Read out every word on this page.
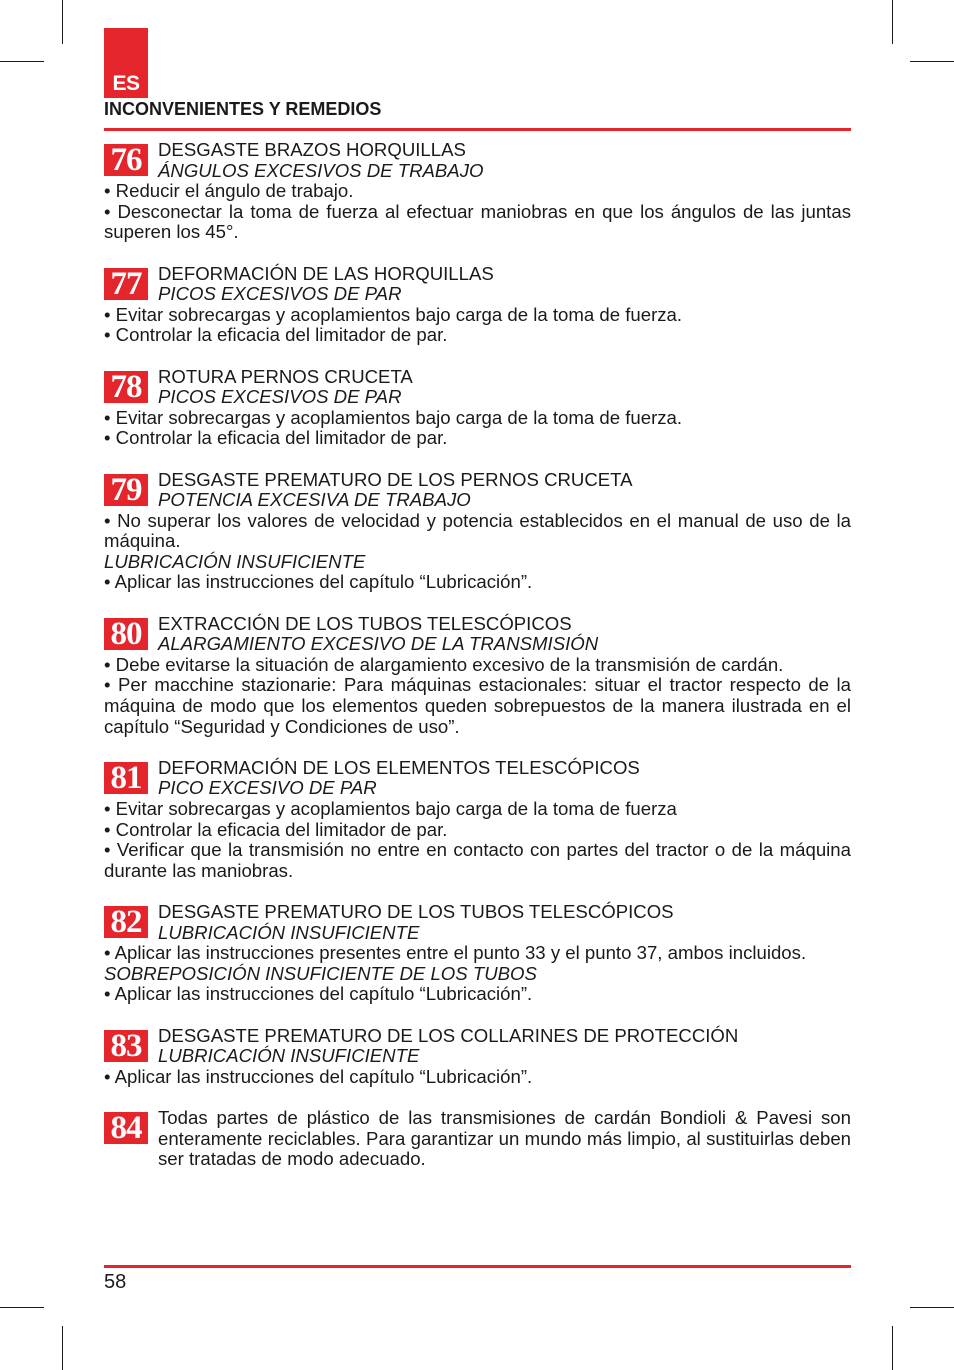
ES
INCONVENIENTES Y REMEDIOS
76 DESGASTE BRAZOS HORQUILLAS
ÁNGULOS EXCESIVOS DE TRABAJO
• Reducir el ángulo de trabajo.
• Desconectar la toma de fuerza al efectuar maniobras en que los ángulos de las juntas superen los 45°.
77 DEFORMACIÓN DE LAS HORQUILLAS
PICOS EXCESIVOS DE PAR
• Evitar sobrecargas y acoplamientos bajo carga de la toma de fuerza.
• Controlar la eficacia del limitador de par.
78 ROTURA PERNOS CRUCETA
PICOS EXCESIVOS DE PAR
• Evitar sobrecargas y acoplamientos bajo carga de la toma de fuerza.
• Controlar la eficacia del limitador de par.
79 DESGASTE PREMATURO DE LOS PERNOS CRUCETA
POTENCIA EXCESIVA DE TRABAJO
• No superar los valores de velocidad y potencia establecidos en el manual de uso de la máquina.
LUBRICACIÓN INSUFICIENTE
• Aplicar las instrucciones del capítulo “Lubricación”.
80 EXTRACCIÓN DE LOS TUBOS TELESCÓPICOS
ALARGAMIENTO EXCESIVO DE LA TRANSMISIÓN
• Debe evitarse la situación de alargamiento excesivo de la transmisión de cardán.
• Per macchine stazionarie: Para máquinas estacionales: situar el tractor respecto de la máquina de modo que los elementos queden sobrepuestos de la manera ilustrada en el capítulo “Seguridad y Condiciones de uso”.
81 DEFORMACIÓN DE LOS ELEMENTOS TELESCÓPICOS
PICO EXCESIVO DE PAR
• Evitar sobrecargas y acoplamientos bajo carga de la toma de fuerza
• Controlar la eficacia del limitador de par.
• Verificar que la transmisión no entre en contacto con partes del tractor o de la máquina durante las maniobras.
82 DESGASTE PREMATURO DE LOS TUBOS TELESCÓPICOS
LUBRICACIÓN INSUFICIENTE
• Aplicar las instrucciones presentes entre el punto 33 y el punto 37, ambos incluidos.
SOBREPOSICIÓN INSUFICIENTE DE LOS TUBOS
• Aplicar las instrucciones del capítulo “Lubricación”.
83 DESGASTE PREMATURO DE LOS COLLARINES DE PROTECCIÓN
LUBRICACIÓN INSUFICIENTE
• Aplicar las instrucciones del capítulo “Lubricación”.
84 Todas partes de plástico de las transmisiones de cardán Bondioli & Pavesi son enteramente reciclables. Para garantizar un mundo más limpio, al sustituirlas deben ser tratadas de modo adecuado.
58
